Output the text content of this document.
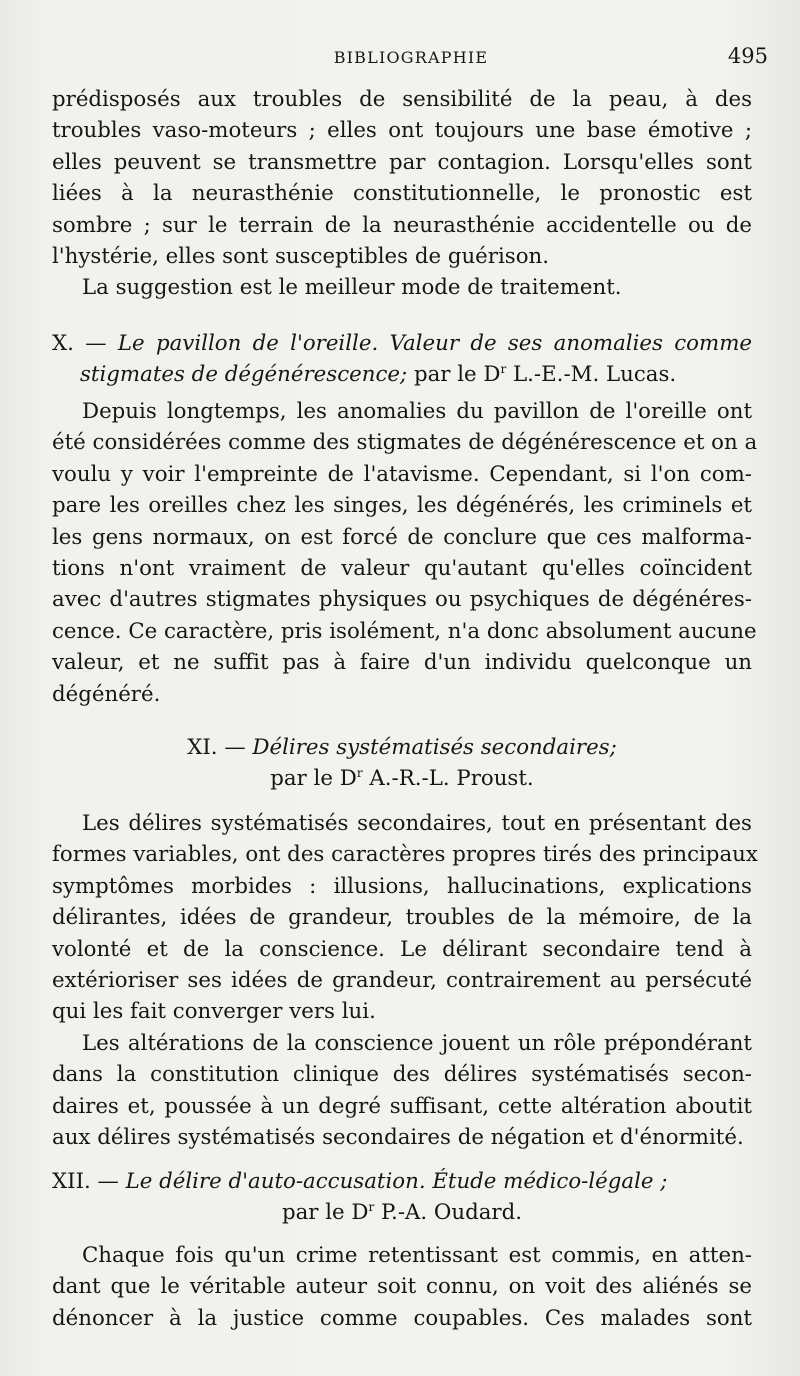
BIBLIOGRAPHIE	495
prédisposés aux troubles de sensibilité de la peau, à des
troubles vaso-moteurs ; elles ont toujours une base émotive ;
elles peuvent se transmettre par contagion. Lorsqu'elles sont
liées à la neurasthénie constitutionnelle, le pronostic est
sombre ; sur le terrain de la neurasthénie accidentelle ou de
l'hystérie, elles sont susceptibles de guérison.
La suggestion est le meilleur mode de traitement.
X. — Le pavillon de l'oreille. Valeur de ses anomalies comme
stigmates de dégénérescence; par le $D^r$ L.-E.-M. Lucas.
Depuis longtemps, les anomalies du pavillon de l'oreille ont
été considérées comme des stigmates de dégénérescence et on a
voulu y voir l'empreinte de l'atavisme. Cependant, si l'on com-
pare les oreilles chez les singes, les dégénérés, les criminels et
les gens normaux, on est forcé de conclure que ces malforma-
tions n'ont vraiment de valeur qu'autant qu'elles coïncident
avec d'autres stigmates physiques ou psychiques de dégénéres-
cence. Ce caractère, pris isolément, n'a donc absolument aucune
valeur, et ne suffit pas à faire d'un individu quelconque un
dégénéré.
XI. — Délires systématisés secondaires;
par le $D^r$ A.-R.-L. Proust.
Les délires systématisés secondaires, tout en présentant des
formes variables, ont des caractères propres tirés des principaux
symptômes morbides : illusions, hallucinations, explications
délirantes, idées de grandeur, troubles de la mémoire, de la
volonté et de la conscience. Le délirant secondaire tend à
extérioriser ses idées de grandeur, contrairement au persécuté
qui les fait converger vers lui.
Les altérations de la conscience jouent un rôle prépondérant
dans la constitution clinique des délires systématisés secon-
daires et, poussée à un degré suffisant, cette altération aboutit
aux délires systématisés secondaires de négation et d'énormité.
XII. — Le délire d'auto-accusation. Étude médico-légale ;
par le $D^r$ P.-A. Oudard.
Chaque fois qu'un crime retentissant est commis, en atten-
dant que le véritable auteur soit connu, on voit des aliénés se
dénoncer à la justice comme coupables. Ces malades sont
